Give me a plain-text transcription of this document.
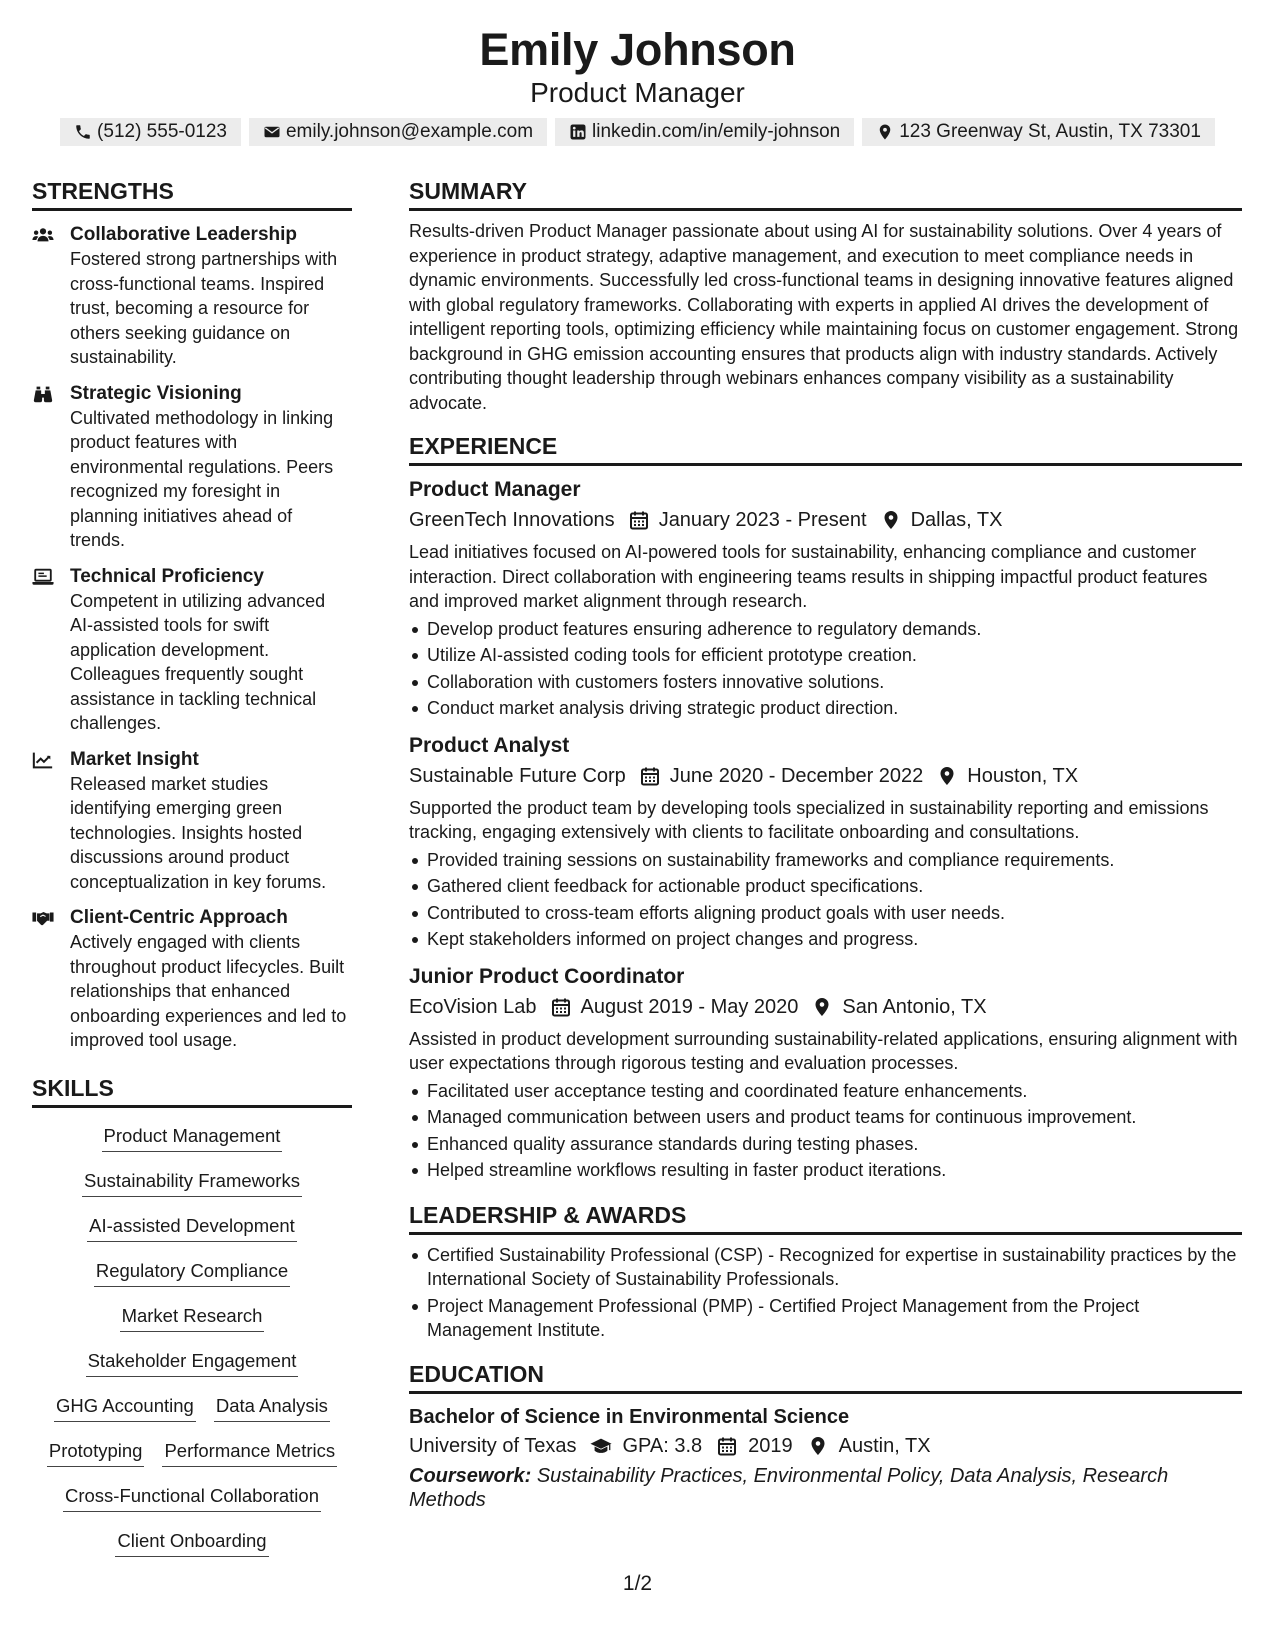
Emily Johnson
Product Manager
(512) 555-0123	emily.johnson@example.com	linkedin.com/in/emily-johnson	123 Greenway St, Austin, TX 73301
STRENGTHS
Collaborative Leadership
Fostered strong partnerships with cross-functional teams. Inspired trust, becoming a resource for others seeking guidance on sustainability.
Strategic Visioning
Cultivated methodology in linking product features with environmental regulations. Peers recognized my foresight in planning initiatives ahead of trends.
Technical Proficiency
Competent in utilizing advanced AI-assisted tools for swift application development. Colleagues frequently sought assistance in tackling technical challenges.
Market Insight
Released market studies identifying emerging green technologies. Insights hosted discussions around product conceptualization in key forums.
Client-Centric Approach
Actively engaged with clients throughout product lifecycles. Built relationships that enhanced onboarding experiences and led to improved tool usage.
SKILLS
Product Management
Sustainability Frameworks
AI-assisted Development
Regulatory Compliance
Market Research
Stakeholder Engagement
GHG Accounting Data Analysis
Prototyping Performance Metrics
Cross-Functional Collaboration
Client Onboarding
SUMMARY
Results-driven Product Manager passionate about using AI for sustainability solutions. Over 4 years of experience in product strategy, adaptive management, and execution to meet compliance needs in dynamic environments. Successfully led cross-functional teams in designing innovative features aligned with global regulatory frameworks. Collaborating with experts in applied AI drives the development of intelligent reporting tools, optimizing efficiency while maintaining focus on customer engagement. Strong background in GHG emission accounting ensures that products align with industry standards. Actively contributing thought leadership through webinars enhances company visibility as a sustainability advocate.
EXPERIENCE
Product Manager
GreenTech Innovations January 2023 - Present Dallas, TX
Lead initiatives focused on AI-powered tools for sustainability, enhancing compliance and customer interaction. Direct collaboration with engineering teams results in shipping impactful product features and improved market alignment through research.
Develop product features ensuring adherence to regulatory demands.
Utilize AI-assisted coding tools for efficient prototype creation.
Collaboration with customers fosters innovative solutions.
Conduct market analysis driving strategic product direction.
Product Analyst
Sustainable Future Corp June 2020 - December 2022 Houston, TX
Supported the product team by developing tools specialized in sustainability reporting and emissions tracking, engaging extensively with clients to facilitate onboarding and consultations.
Provided training sessions on sustainability frameworks and compliance requirements.
Gathered client feedback for actionable product specifications.
Contributed to cross-team efforts aligning product goals with user needs.
Kept stakeholders informed on project changes and progress.
Junior Product Coordinator
EcoVision Lab August 2019 - May 2020 San Antonio, TX
Assisted in product development surrounding sustainability-related applications, ensuring alignment with user expectations through rigorous testing and evaluation processes.
Facilitated user acceptance testing and coordinated feature enhancements.
Managed communication between users and product teams for continuous improvement.
Enhanced quality assurance standards during testing phases.
Helped streamline workflows resulting in faster product iterations.
LEADERSHIP & AWARDS
Certified Sustainability Professional (CSP) - Recognized for expertise in sustainability practices by the International Society of Sustainability Professionals.
Project Management Professional (PMP) - Certified Project Management from the Project Management Institute.
EDUCATION
Bachelor of Science in Environmental Science
University of Texas GPA: 3.8 2019 Austin, TX
Coursework: Sustainability Practices, Environmental Policy, Data Analysis, Research Methods
1/2
